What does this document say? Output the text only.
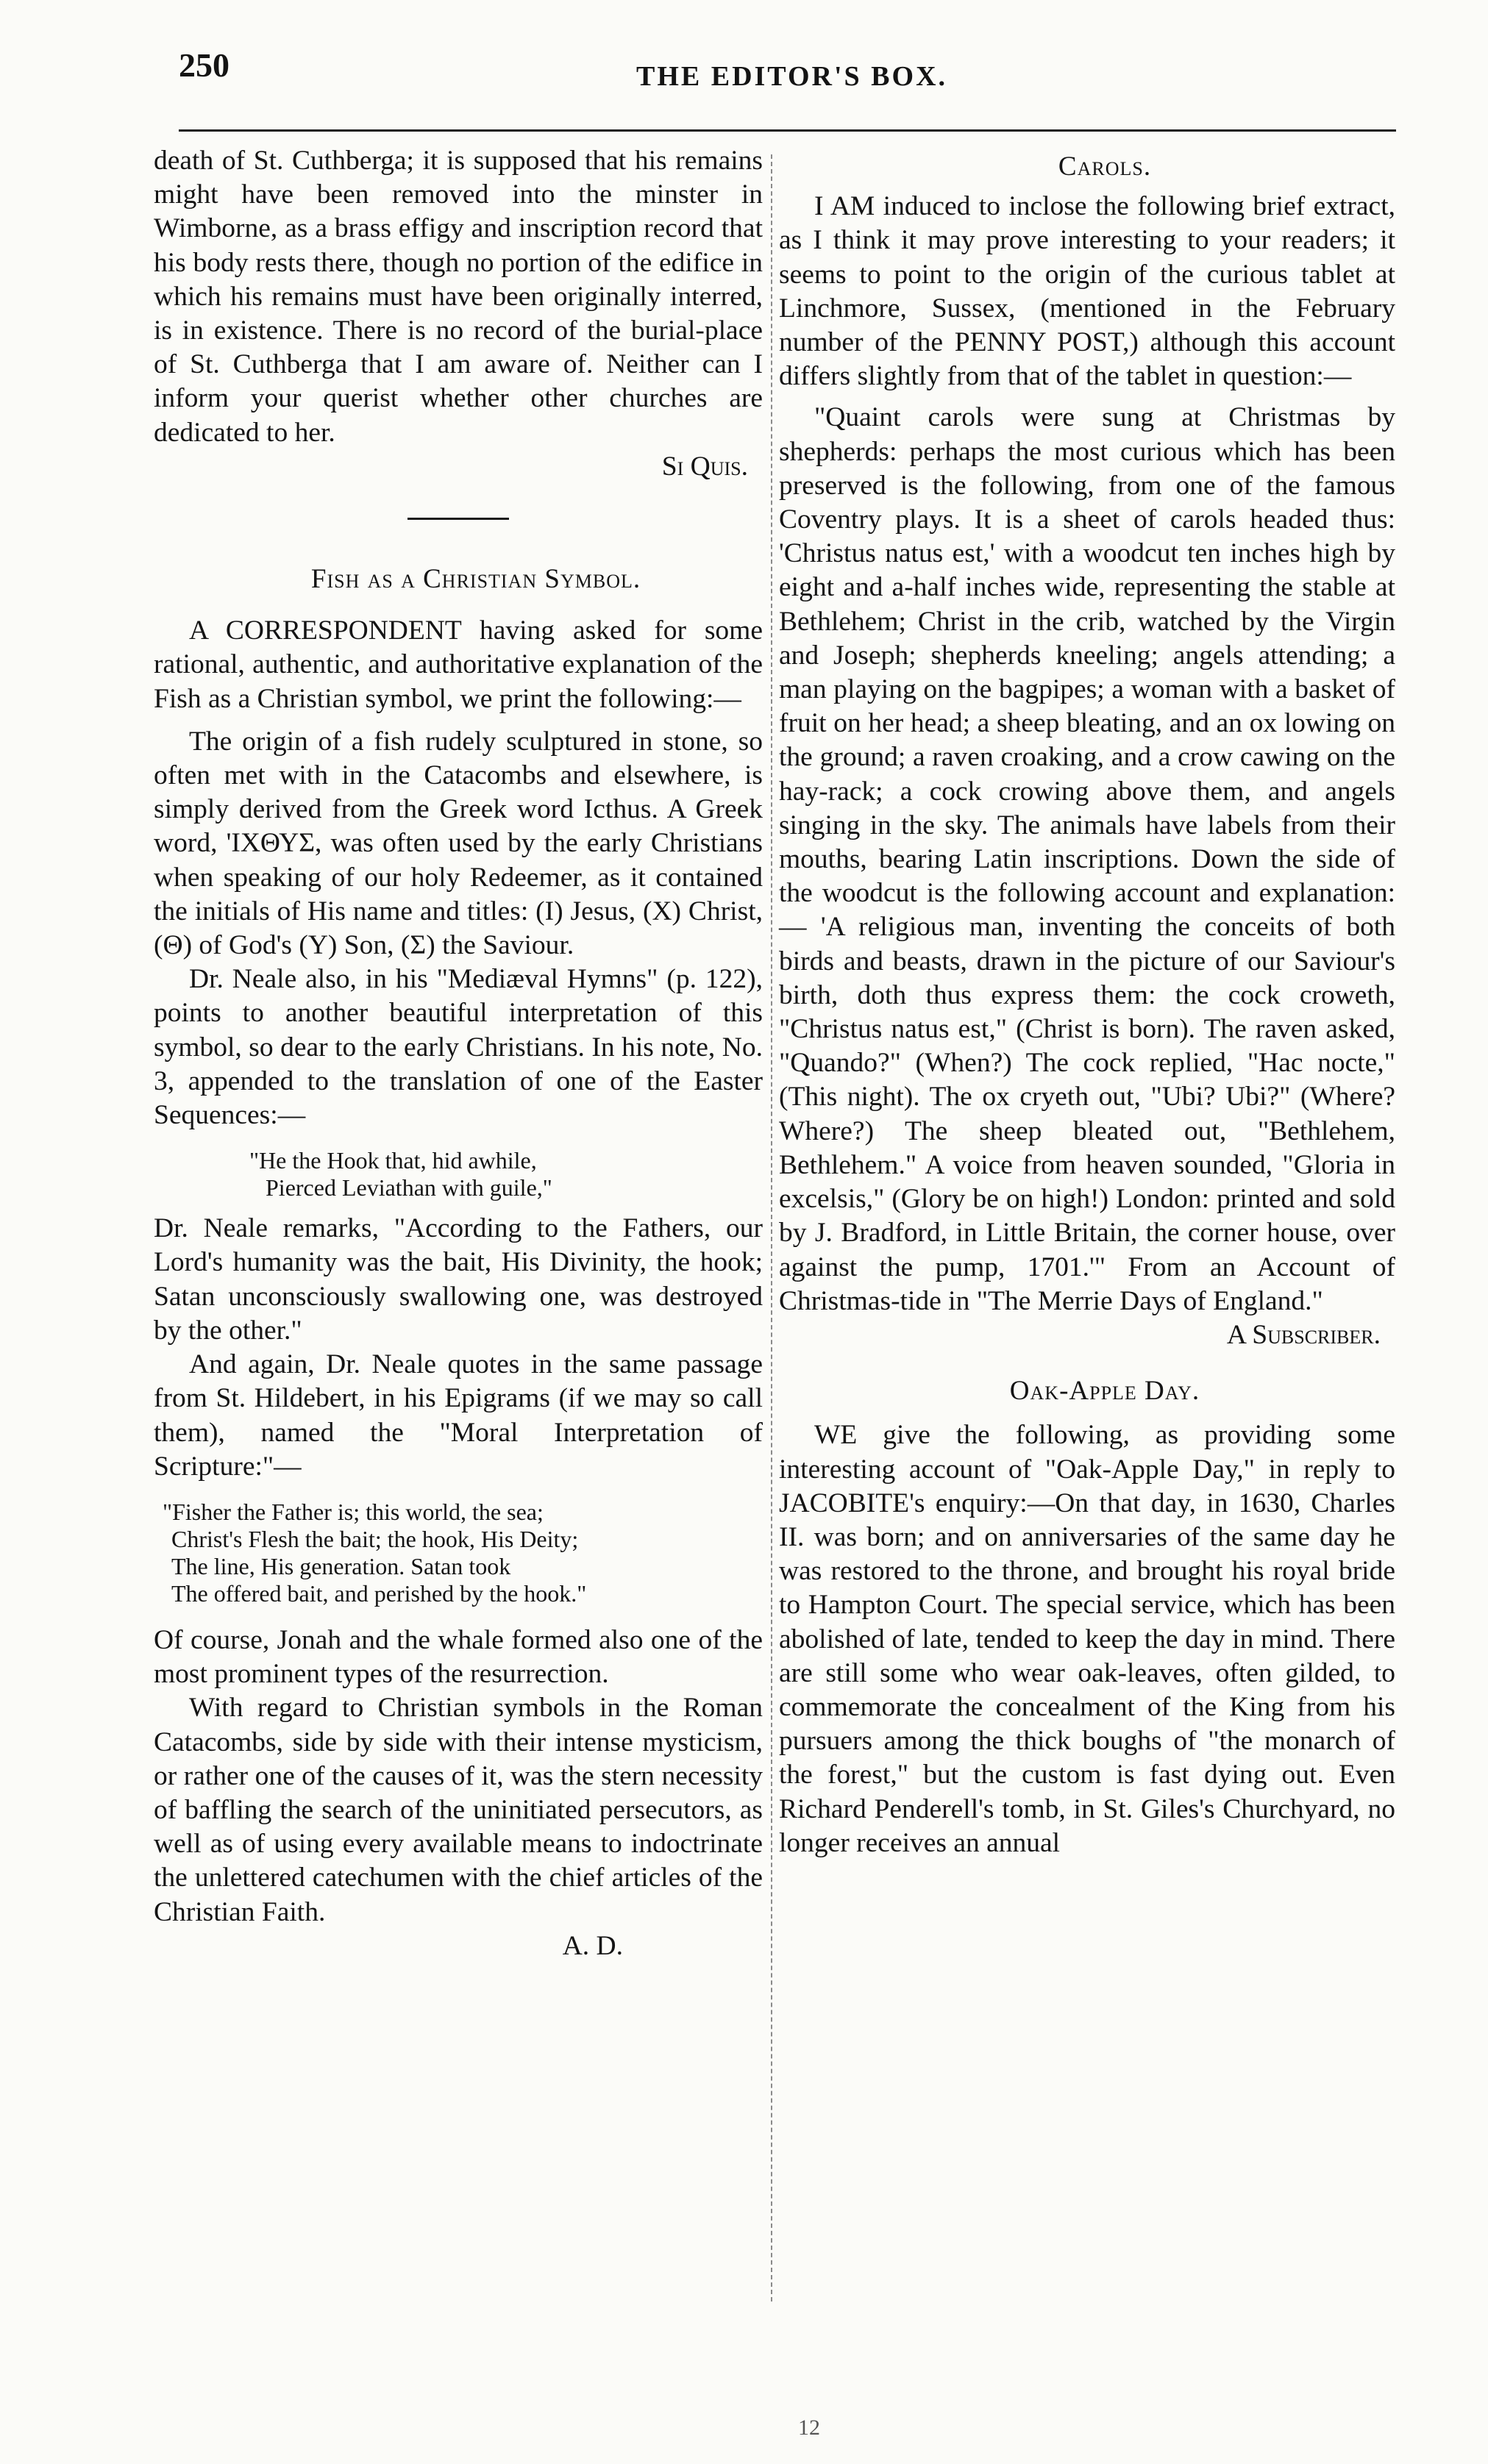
250	THE EDITOR'S BOX.

death of St. Cuthberga; it is supposed that his remains might have been removed into the minster in Wimborne, as a brass effigy and inscription record that his body rests there, though no portion of the edifice in which his remains must have been originally interred, is in existence. There is no record of the burial-place of St. Cuthberga that I am aware of. Neither can I inform your querist whether other churches are dedicated to her.

Si Quis.

Fish as a Christian Symbol.

A CORRESPONDENT having asked for some rational, authentic, and authoritative explanation of the Fish as a Christian symbol, we print the following:—

The origin of a fish rudely sculptured in stone, so often met with in the Catacombs and elsewhere, is simply derived from the Greek word Icthus. A Greek word, 'ΙΧΘΥΣ, was often used by the early Christians when speaking of our holy Redeemer, as it contained the initials of His name and titles: (Ι) Jesus, (Χ) Christ, (Θ) of God's (Υ) Son, (Σ) the Saviour.

Dr. Neale also, in his "Mediæval Hymns" (p. 122), points to another beautiful interpretation of this symbol, so dear to the early Christians. In his note, No. 3, appended to the translation of one of the Easter Sequences:—

"He the Hook that, hid awhile,
Pierced Leviathan with guile,"

Dr. Neale remarks, "According to the Fathers, our Lord's humanity was the bait, His Divinity, the hook; Satan unconsciously swallowing one, was destroyed by the other."

And again, Dr. Neale quotes in the same passage from St. Hildebert, in his Epigrams (if we may so call them), named the "Moral Interpretation of Scripture:"—

"Fisher the Father is; this world, the sea;
Christ's Flesh the bait; the hook, His Deity;
The line, His generation. Satan took
The offered bait, and perished by the hook."

Of course, Jonah and the whale formed also one of the most prominent types of the resurrection.

With regard to Christian symbols in the Roman Catacombs, side by side with their intense mysticism, or rather one of the causes of it, was the stern necessity of baffling the search of the uninitiated persecutors, as well as of using every available means to indoctrinate the unlettered catechumen with the chief articles of the Christian Faith.

A. D.

Carols.

I AM induced to inclose the following brief extract, as I think it may prove interesting to your readers; it seems to point to the origin of the curious tablet at Linchmore, Sussex, (mentioned in the February number of the PENNY POST,) although this account differs slightly from that of the tablet in question:—

"Quaint carols were sung at Christmas by shepherds: perhaps the most curious which has been preserved is the following, from one of the famous Coventry plays. It is a sheet of carols headed thus: 'Christus natus est,' with a woodcut ten inches high by eight and a-half inches wide, representing the stable at Bethlehem; Christ in the crib, watched by the Virgin and Joseph; shepherds kneeling; angels attending; a man playing on the bagpipes; a woman with a basket of fruit on her head; a sheep bleating, and an ox lowing on the ground; a raven croaking, and a crow cawing on the hay-rack; a cock crowing above them, and angels singing in the sky. The animals have labels from their mouths, bearing Latin inscriptions. Down the side of the woodcut is the following account and explanation:— 'A religious man, inventing the conceits of both birds and beasts, drawn in the picture of our Saviour's birth, doth thus express them: the cock croweth, "Christus natus est," (Christ is born). The raven asked, "Quando?" (When?) The cock replied, "Hac nocte," (This night). The ox cryeth out, "Ubi? Ubi?" (Where? Where?) The sheep bleated out, "Bethlehem, Bethlehem." A voice from heaven sounded, "Gloria in excelsis," (Glory be on high!) London: printed and sold by J. Bradford, in Little Britain, the corner house, over against the pump, 1701.'" From an Account of Christmas-tide in "The Merrie Days of England."

A Subscriber.

Oak-Apple Day.

WE give the following, as providing some interesting account of "Oak-Apple Day," in reply to JACOBITE's enquiry:—On that day, in 1630, Charles II. was born; and on anniversaries of the same day he was restored to the throne, and brought his royal bride to Hampton Court. The special service, which has been abolished of late, tended to keep the day in mind. There are still some who wear oak-leaves, often gilded, to commemorate the concealment of the King from his pursuers among the thick boughs of "the monarch of the forest," but the custom is fast dying out. Even Richard Penderell's tomb, in St. Giles's Churchyard, no longer receives an annual

12
